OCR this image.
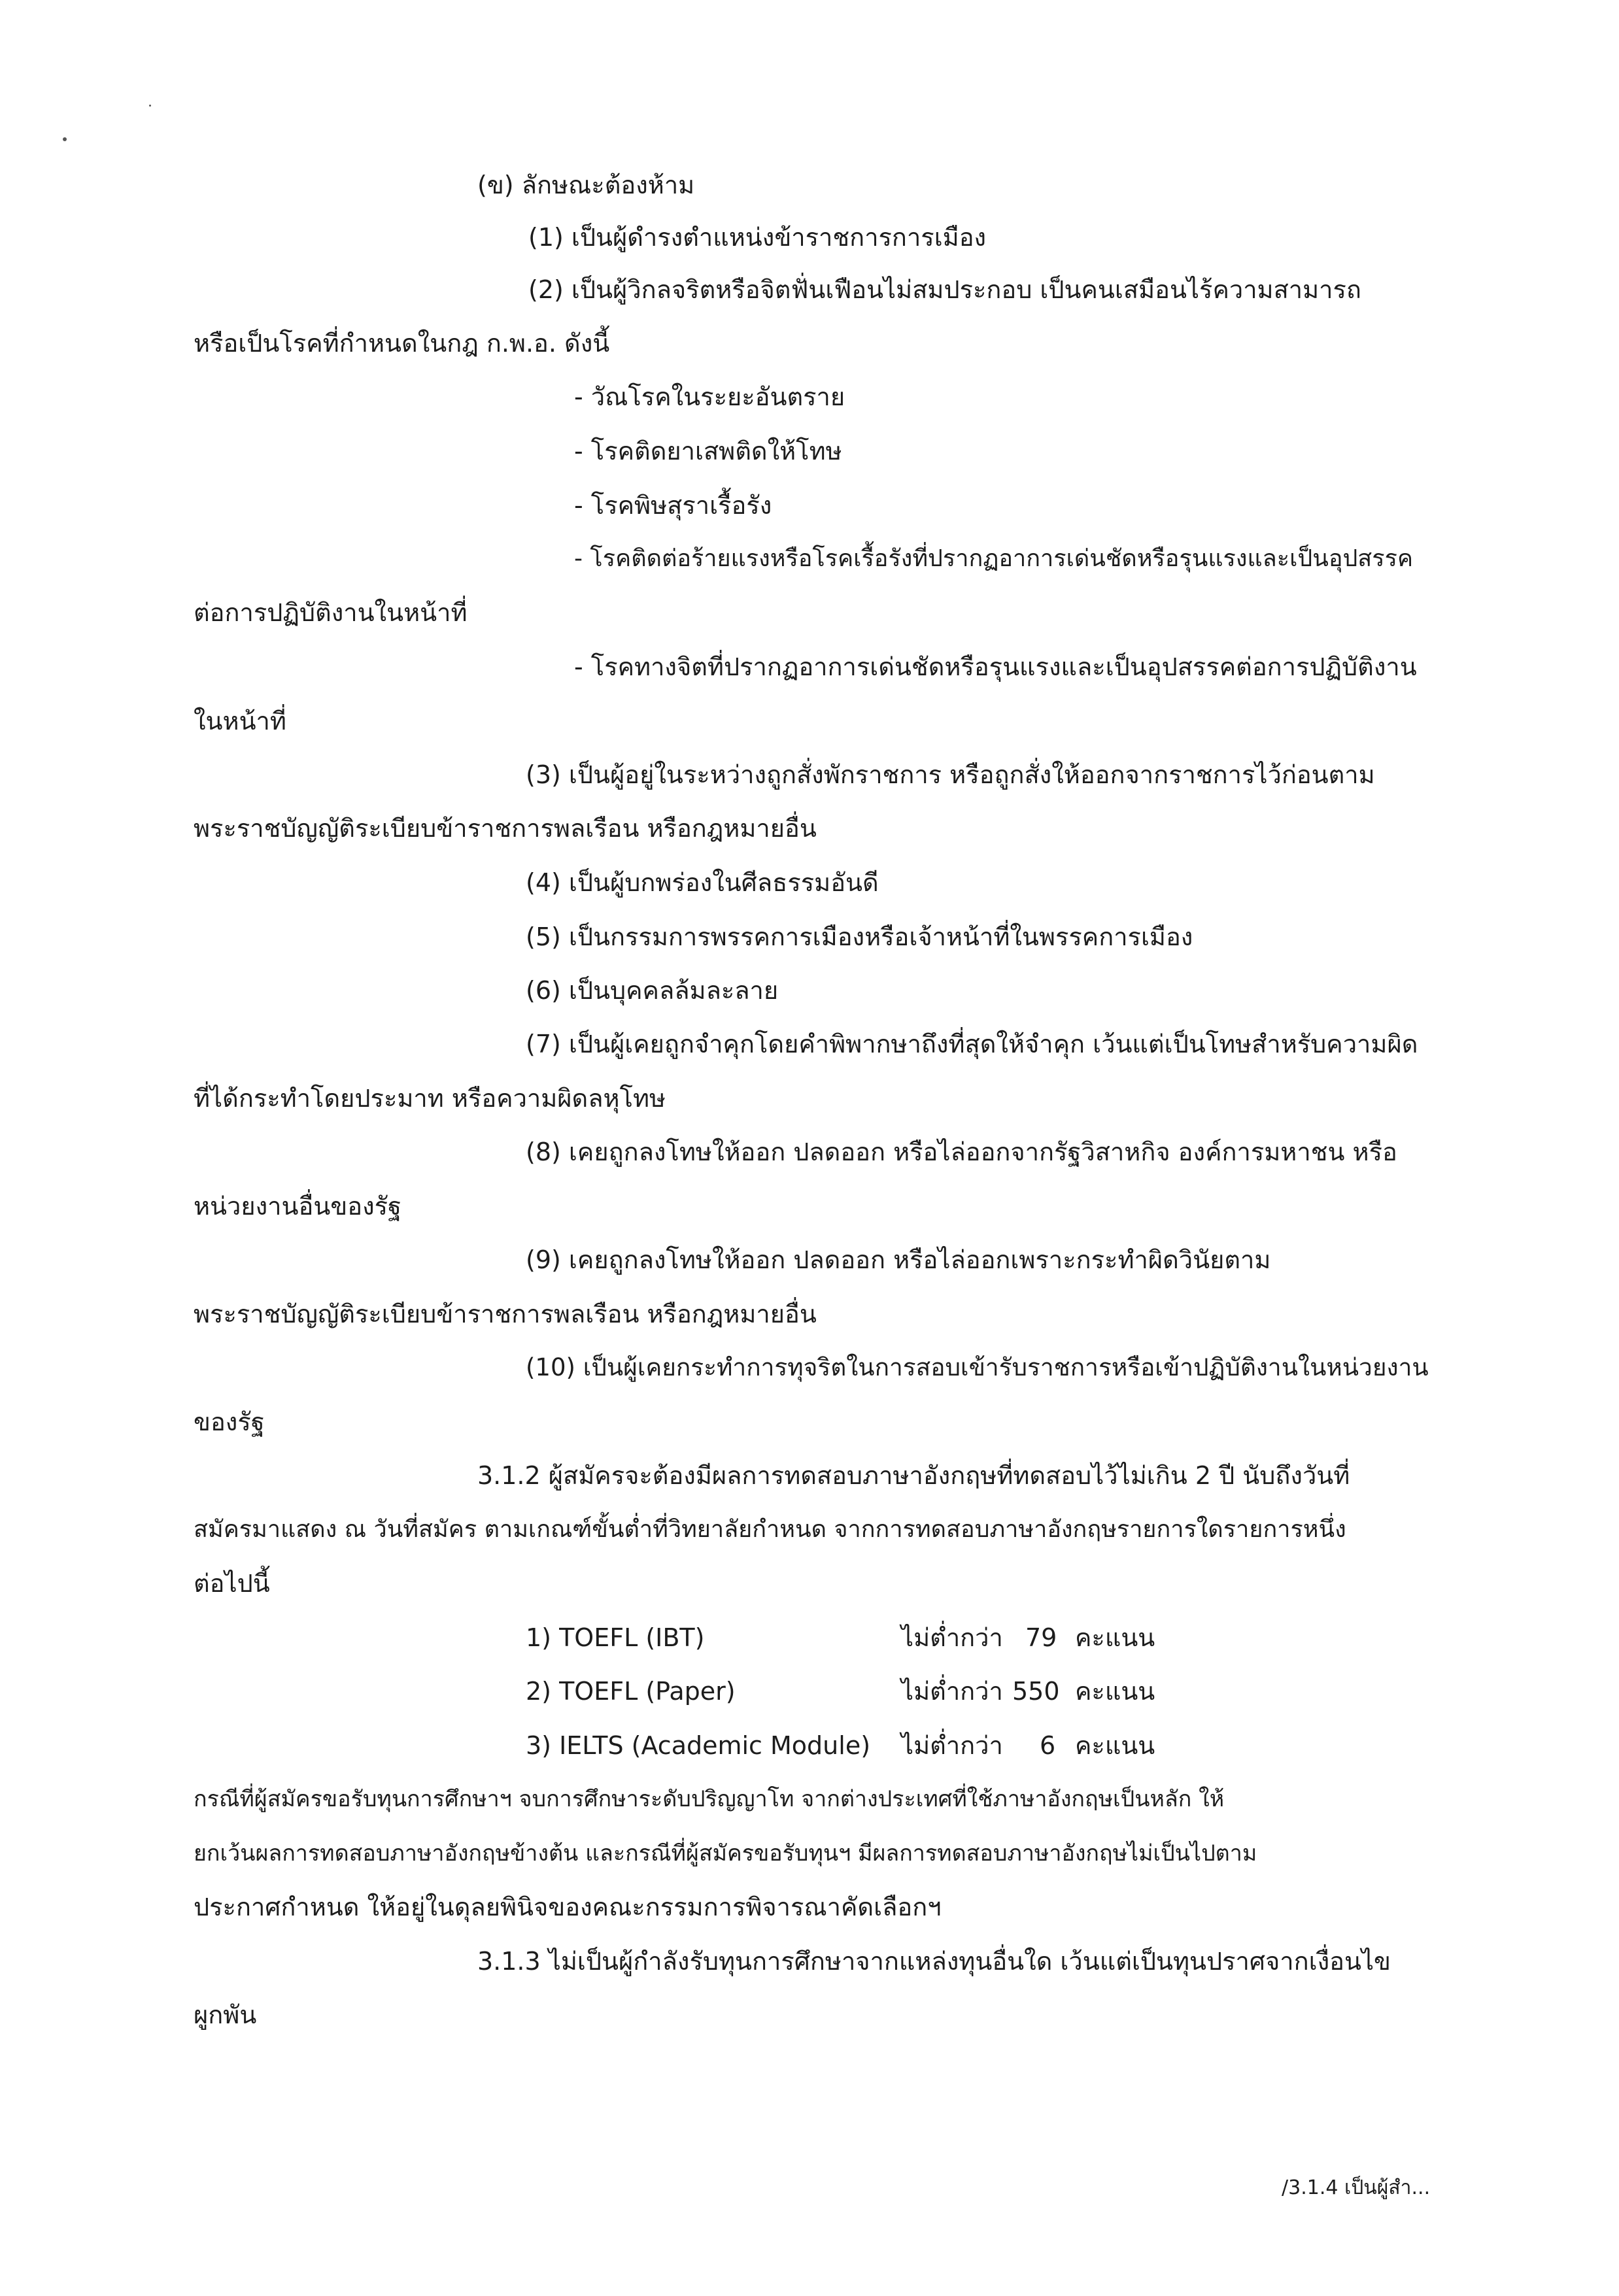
(ข) ลักษณะต้องห้าม

(1) เป็นผู้ดำรงตำแหน่งข้าราชการการเมือง

(2) เป็นผู้วิกลจริตหรือจิตฟั่นเฟือนไม่สมประกอบ เป็นคนเสมือนไร้ความสามารถ

หรือเป็นโรคที่กำหนดในกฎ ก.พ.อ. ดังนี้

- วัณโรคในระยะอันตราย

- โรคติดยาเสพติดให้โทษ

- โรคพิษสุราเรื้อรัง

- โรคติดต่อร้ายแรงหรือโรคเรื้อรังที่ปรากฏอาการเด่นชัดหรือรุนแรงและเป็นอุปสรรค

ต่อการปฏิบัติงานในหน้าที่

- โรคทางจิตที่ปรากฏอาการเด่นชัดหรือรุนแรงและเป็นอุปสรรคต่อการปฏิบัติงาน

ในหน้าที่

(3) เป็นผู้อยู่ในระหว่างถูกสั่งพักราชการ หรือถูกสั่งให้ออกจากราชการไว้ก่อนตาม

พระราชบัญญัติระเบียบข้าราชการพลเรือน หรือกฎหมายอื่น

(4) เป็นผู้บกพร่องในศีลธรรมอันดี

(5) เป็นกรรมการพรรคการเมืองหรือเจ้าหน้าที่ในพรรคการเมือง

(6) เป็นบุคคลล้มละลาย

(7) เป็นผู้เคยถูกจำคุกโดยคำพิพากษาถึงที่สุดให้จำคุก เว้นแต่เป็นโทษสำหรับความผิด

ที่ได้กระทำโดยประมาท หรือความผิดลหุโทษ

(8) เคยถูกลงโทษให้ออก ปลดออก หรือไล่ออกจากรัฐวิสาหกิจ องค์การมหาชน หรือ

หน่วยงานอื่นของรัฐ

(9) เคยถูกลงโทษให้ออก ปลดออก หรือไล่ออกเพราะกระทำผิดวินัยตาม

พระราชบัญญัติระเบียบข้าราชการพลเรือน หรือกฎหมายอื่น

(10) เป็นผู้เคยกระทำการทุจริตในการสอบเข้ารับราชการหรือเข้าปฏิบัติงานในหน่วยงาน

ของรัฐ

3.1.2 ผู้สมัครจะต้องมีผลการทดสอบภาษาอังกฤษที่ทดสอบไว้ไม่เกิน 2 ปี นับถึงวันที่

สมัครมาแสดง ณ วันที่สมัคร ตามเกณฑ์ขั้นต่ำที่วิทยาลัยกำหนด จากการทดสอบภาษาอังกฤษรายการใดรายการหนึ่ง

ต่อไปนี้

1) TOEFL (IBT)	ไม่ต่ำกว่า 79 คะแนน

2) TOEFL (Paper)	ไม่ต่ำกว่า 550 คะแนน

3) IELTS (Academic Module) ไม่ต่ำกว่า 6 คะแนน

กรณีที่ผู้สมัครขอรับทุนการศึกษาฯ จบการศึกษาระดับปริญญาโท จากต่างประเทศที่ใช้ภาษาอังกฤษเป็นหลัก ให้

ยกเว้นผลการทดสอบภาษาอังกฤษข้างต้น และกรณีที่ผู้สมัครขอรับทุนฯ มีผลการทดสอบภาษาอังกฤษไม่เป็นไปตาม

ประกาศกำหนด ให้อยู่ในดุลยพินิจของคณะกรรมการพิจารณาคัดเลือกฯ

3.1.3 ไม่เป็นผู้กำลังรับทุนการศึกษาจากแหล่งทุนอื่นใด เว้นแต่เป็นทุนปราศจากเงื่อนไข

ผูกพัน

/3.1.4 เป็นผู้สำ...
